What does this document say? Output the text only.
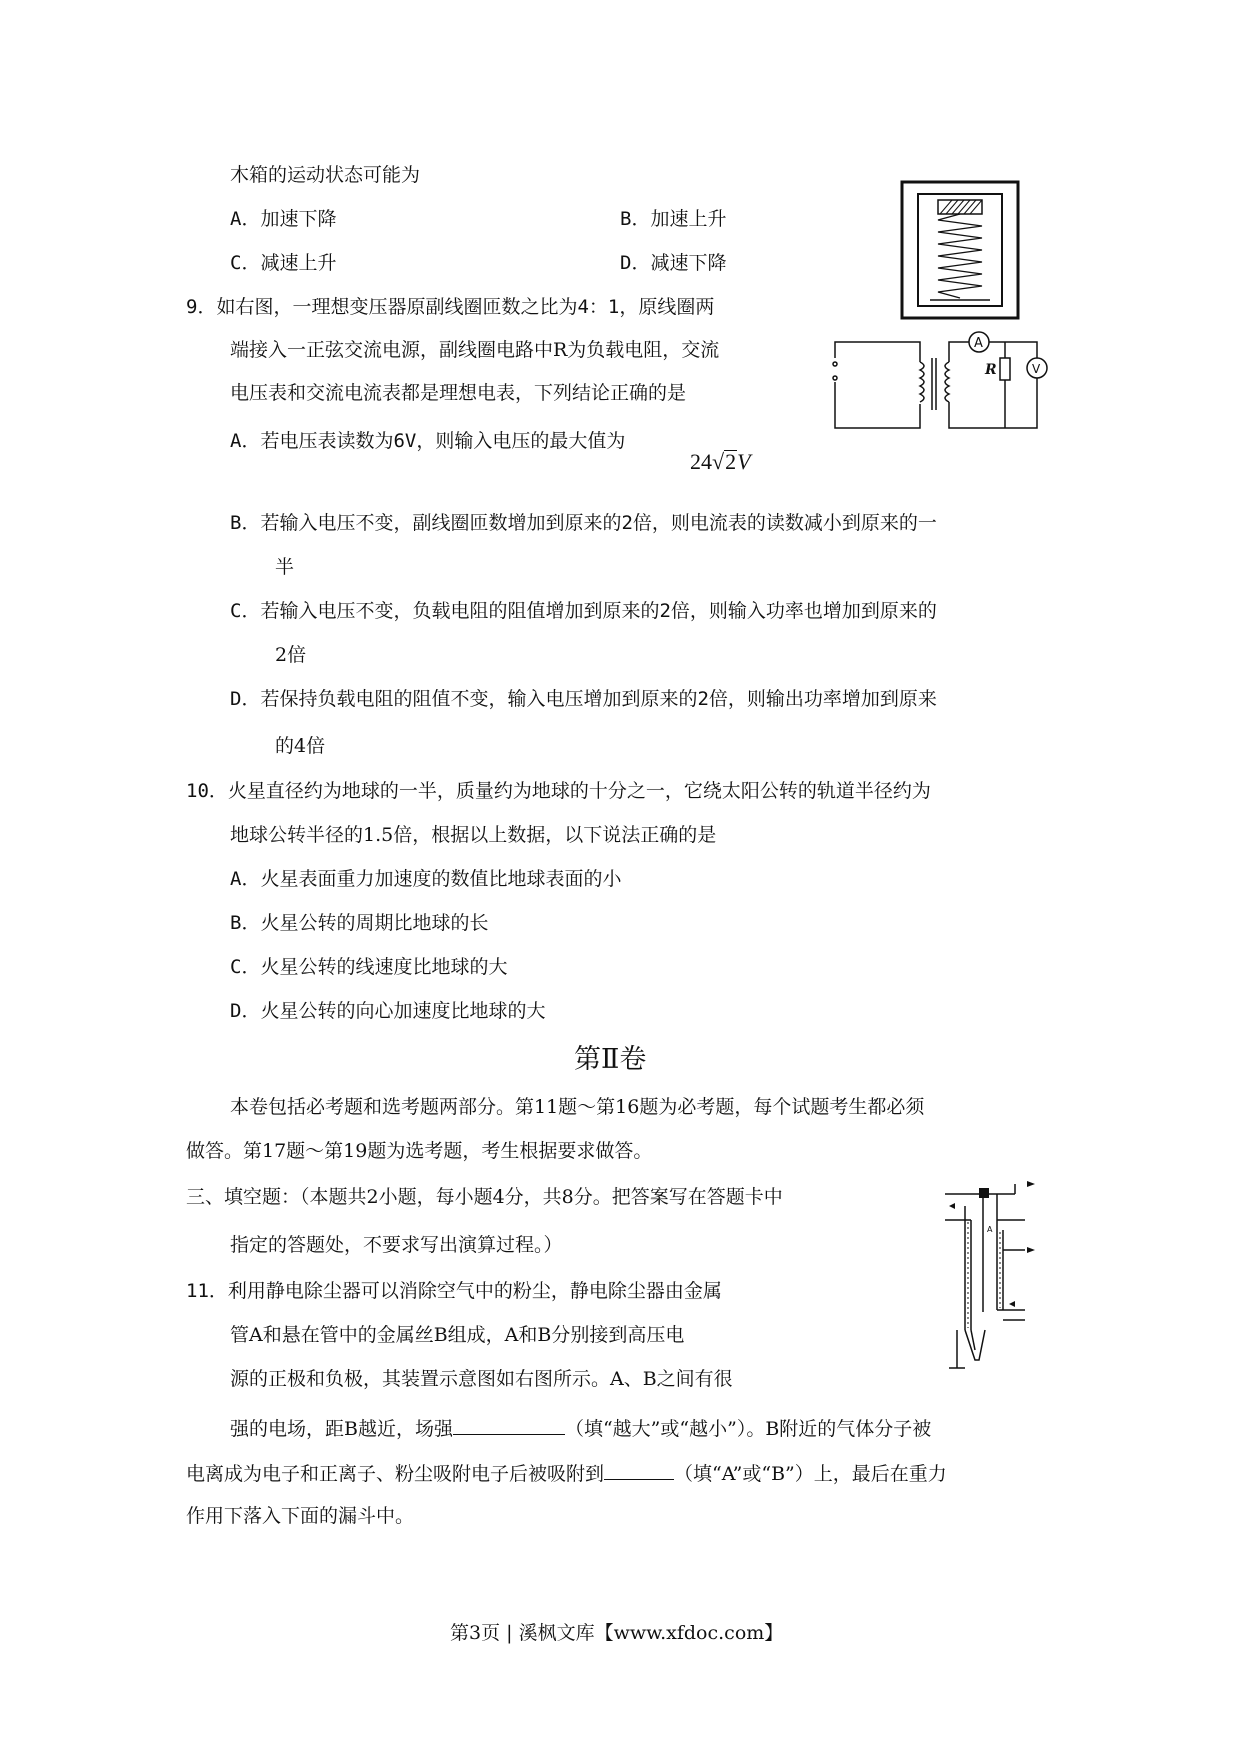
木箱的运动状态可能为
A．加速下降	B．加速上升
C．减速上升	D．减速下降
9．如右图，一理想变压器原副线圈匝数之比为4：1，原线圈两
端接入一正弦交流电源，副线圈电路中R为负载电阻，交流
电压表和交流电流表都是理想电表，下列结论正确的是
A．若电压表读数为6V，则输入电压的最大值为
24√2V
A
V
R
B．若输入电压不变，副线圈匝数增加到原来的2倍，则电流表的读数减小到原来的一
半
C．若输入电压不变，负载电阻的阻值增加到原来的2倍，则输入功率也增加到原来的
2倍
D．若保持负载电阻的阻值不变，输入电压增加到原来的2倍，则输出功率增加到原来
的4倍
10．火星直径约为地球的一半，质量约为地球的十分之一，它绕太阳公转的轨道半径约为
地球公转半径的1.5倍，根据以上数据，以下说法正确的是
A．火星表面重力加速度的数值比地球表面的小
B．火星公转的周期比地球的长
C．火星公转的线速度比地球的大
D．火星公转的向心加速度比地球的大
第Ⅱ卷
本卷包括必考题和选考题两部分。第11题～第16题为必考题，每个试题考生都必须
做答。第17题～第19题为选考题，考生根据要求做答。
三、填空题：（本题共2小题，每小题4分，共8分。把答案写在答题卡中
指定的答题处，不要求写出演算过程。）
A
11．利用静电除尘器可以消除空气中的粉尘，静电除尘器由金属
管A和悬在管中的金属丝B组成，A和B分别接到高压电
源的正极和负极，其装置示意图如右图所示。A、B之间有很
强的电场，距B越近，场强	（填“越大”或“越小”）。B附近的气体分子被
电离成为电子和正离子、粉尘吸附电子后被吸附到	（填“A”或“B”）上，最后在重力
作用下落入下面的漏斗中。
第3页 | 溪枫文库【www.xfdoc.com】
